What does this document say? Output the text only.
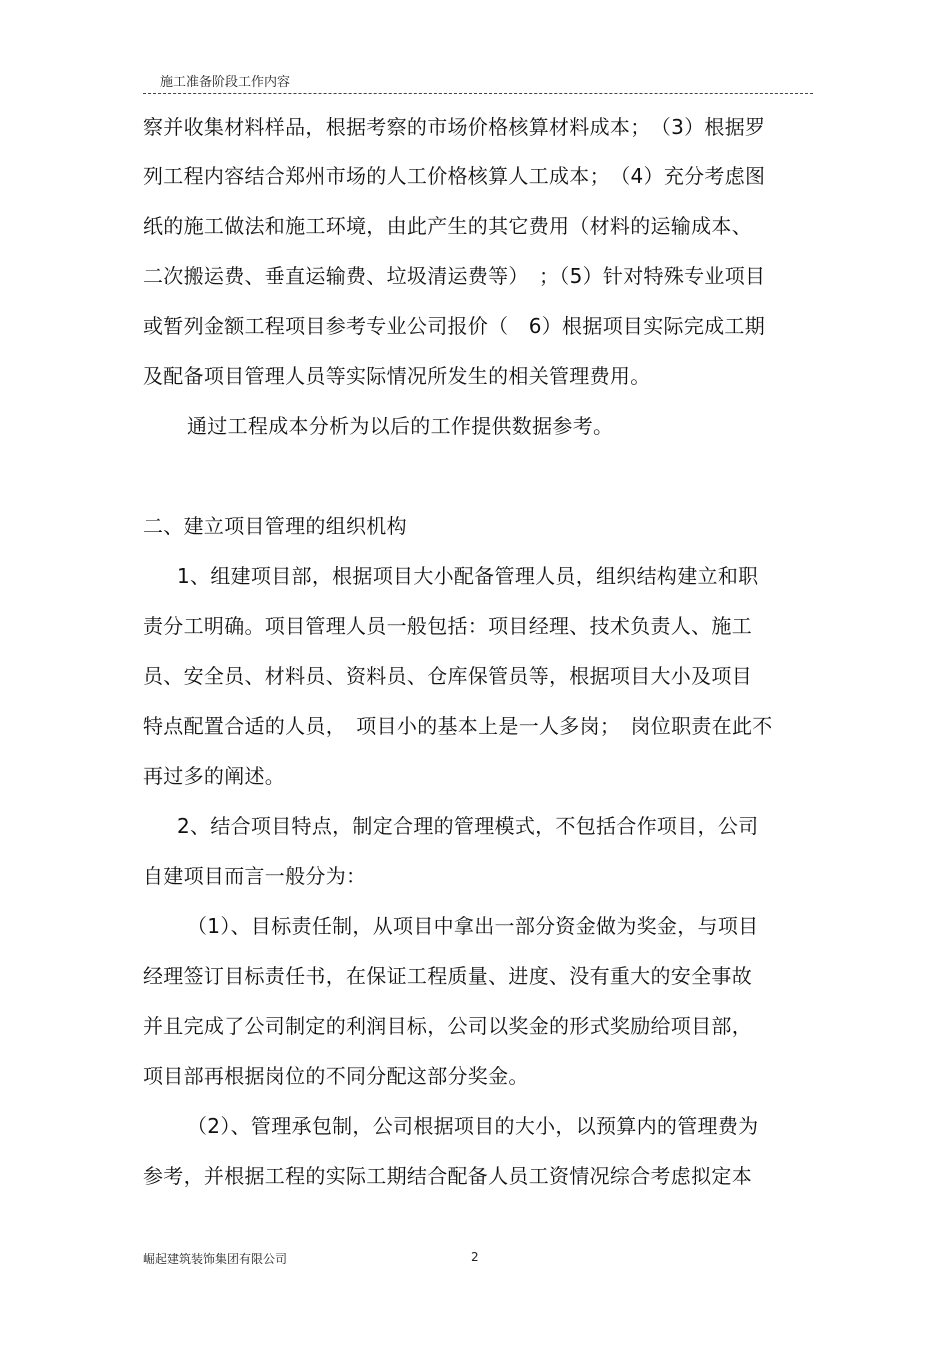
施工准备阶段工作内容
察并收集材料样品，根据考察的市场价格核算材料成本；　（3）根据罗
列工程内容结合郑州市场的人工价格核算人工成本；　（4）充分考虑图
纸的施工做法和施工环境，由此产生的其它费用（材料的运输成本、
二次搬运费、垂直运输费、垃圾清运费等）　；（5）针对特殊专业项目
或暂列金额工程项目参考专业公司报价（　6）根据项目实际完成工期
及配备项目管理人员等实际情况所发生的相关管理费用。
通过工程成本分析为以后的工作提供数据参考。
二、建立项目管理的组织机构
1、组建项目部，根据项目大小配备管理人员，组织结构建立和职
责分工明确。项目管理人员一般包括：项目经理、技术负责人、施工
员、安全员、材料员、资料员、仓库保管员等，根据项目大小及项目
特点配置合适的人员，　项目小的基本上是一人多岗；　岗位职责在此不
再过多的阐述。
2、结合项目特点，制定合理的管理模式，不包括合作项目，公司
自建项目而言一般分为：
（1）、目标责任制，从项目中拿出一部分资金做为奖金，与项目
经理签订目标责任书，在保证工程质量、进度、没有重大的安全事故
并且完成了公司制定的利润目标，公司以奖金的形式奖励给项目部，
项目部再根据岗位的不同分配这部分奖金。
（2）、管理承包制，公司根据项目的大小，以预算内的管理费为
参考，并根据工程的实际工期结合配备人员工资情况综合考虑拟定本
崛起建筑装饰集团有限公司	2
